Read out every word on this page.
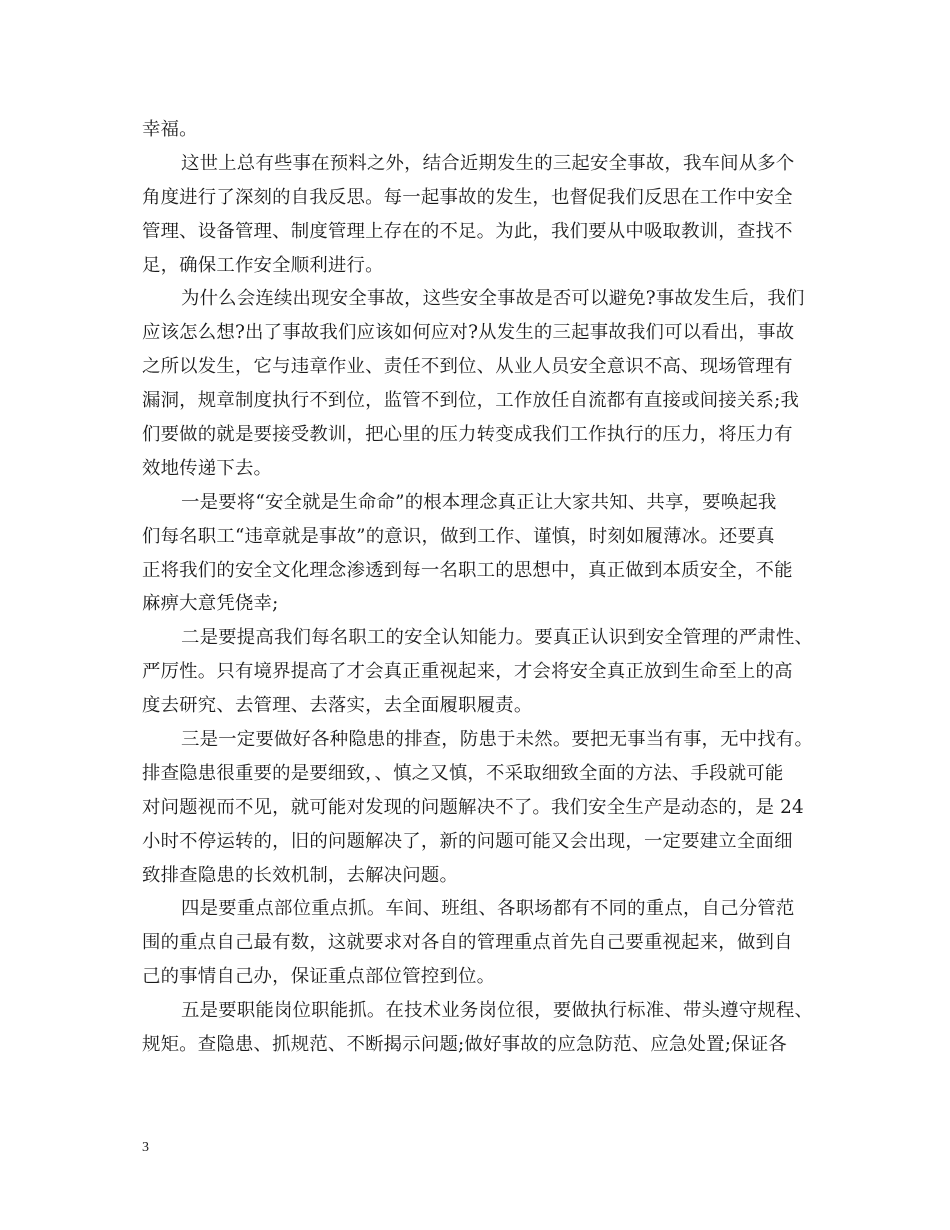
幸福。
这世上总有些事在预料之外，结合近期发生的三起安全事故，我车间从多个
角度进行了深刻的自我反思。每一起事故的发生，也督促我们反思在工作中安全
管理、设备管理、制度管理上存在的不足。为此，我们要从中吸取教训，查找不
足，确保工作安全顺利进行。
为什么会连续出现安全事故，这些安全事故是否可以避免?事故发生后，我们
应该怎么想?出了事故我们应该如何应对?从发生的三起事故我们可以看出，事故
之所以发生，它与违章作业、责任不到位、从业人员安全意识不高、现场管理有
漏洞，规章制度执行不到位，监管不到位，工作放任自流都有直接或间接关系;我
们要做的就是要接受教训，把心里的压力转变成我们工作执行的压力，将压力有
效地传递下去。
一是要将“安全就是生命命”的根本理念真正让大家共知、共享，要唤起我
们每名职工“违章就是事故”的意识，做到工作、谨慎，时刻如履薄冰。还要真
正将我们的安全文化理念渗透到每一名职工的思想中，真正做到本质安全，不能
麻痹大意凭侥幸;
二是要提高我们每名职工的安全认知能力。要真正认识到安全管理的严肃性、
严厉性。只有境界提高了才会真正重视起来，才会将安全真正放到生命至上的高
度去研究、去管理、去落实，去全面履职履责。
三是一定要做好各种隐患的排查，防患于未然。要把无事当有事，无中找有。
排查隐患很重要的是要细致，、慎之又慎，不采取细致全面的方法、手段就可能
对问题视而不见，就可能对发现的问题解决不了。我们安全生产是动态的，是 24
小时不停运转的，旧的问题解决了，新的问题可能又会出现，一定要建立全面细
致排查隐患的长效机制，去解决问题。
四是要重点部位重点抓。车间、班组、各职场都有不同的重点，自己分管范
围的重点自己最有数，这就要求对各自的管理重点首先自己要重视起来，做到自
己的事情自己办，保证重点部位管控到位。
五是要职能岗位职能抓。在技术业务岗位很，要做执行标准、带头遵守规程、
规矩。查隐患、抓规范、不断揭示问题;做好事故的应急防范、应急处置;保证各
3
